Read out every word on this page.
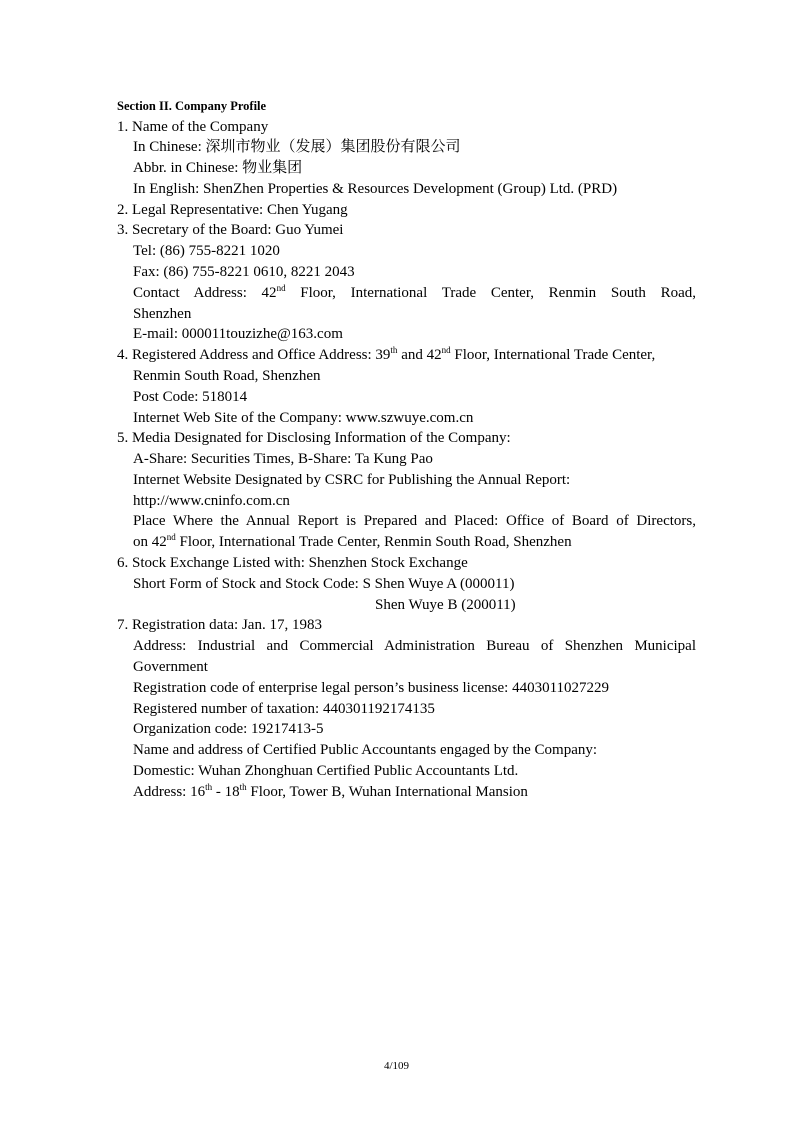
Section II. Company Profile
1. Name of the Company
In Chinese: 深圳市物业（发展）集团股份有限公司
Abbr. in Chinese: 物业集团
In English: ShenZhen Properties & Resources Development (Group) Ltd. (PRD)
2. Legal Representative: Chen Yugang
3. Secretary of the Board: Guo Yumei
Tel: (86) 755-8221 1020
Fax: (86) 755-8221 0610, 8221 2043
Contact Address: 42nd Floor, International Trade Center, Renmin South Road,
Shenzhen
E-mail: 000011touzizhe@163.com
4. Registered Address and Office Address: 39th and 42nd Floor, International Trade Center,
Renmin South Road, Shenzhen
Post Code: 518014
Internet Web Site of the Company: www.szwuye.com.cn
5. Media Designated for Disclosing Information of the Company:
A-Share: Securities Times, B-Share: Ta Kung Pao
Internet Website Designated by CSRC for Publishing the Annual Report:
http://www.cninfo.com.cn
Place Where the Annual Report is Prepared and Placed: Office of Board of Directors,
on 42nd Floor, International Trade Center, Renmin South Road, Shenzhen
6. Stock Exchange Listed with: Shenzhen Stock Exchange
Short Form of Stock and Stock Code: S Shen Wuye A (000011)
Shen Wuye B (200011)
7. Registration data: Jan. 17, 1983
Address: Industrial and Commercial Administration Bureau of Shenzhen Municipal
Government
Registration code of enterprise legal person’s business license: 4403011027229
Registered number of taxation: 440301192174135
Organization code: 19217413-5
Name and address of Certified Public Accountants engaged by the Company:
Domestic: Wuhan Zhonghuan Certified Public Accountants Ltd.
Address: 16th - 18th Floor, Tower B, Wuhan International Mansion
4/109
